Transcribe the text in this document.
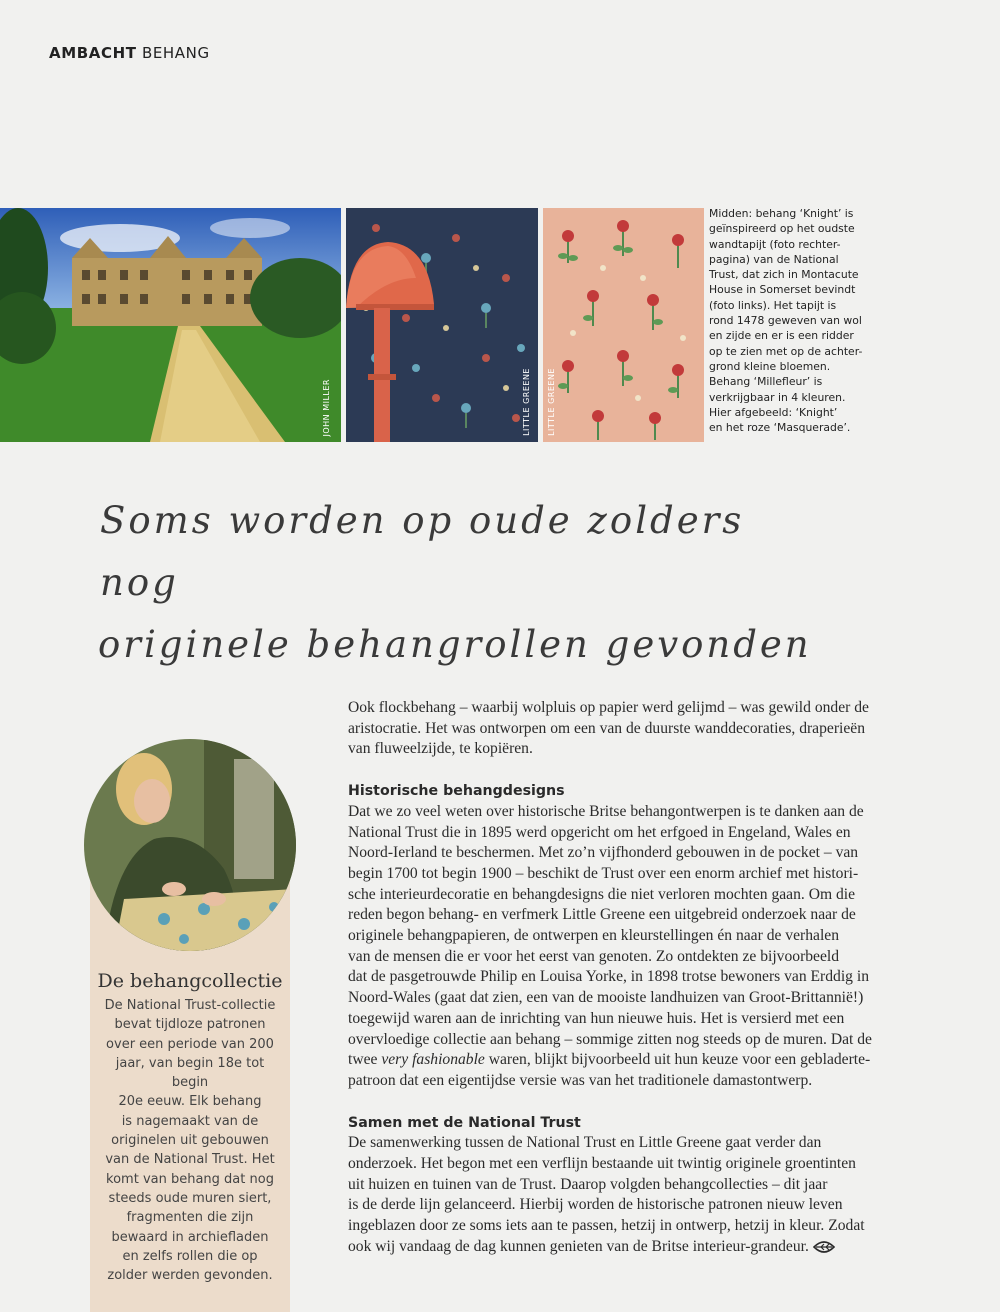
AMBACHT BEHANG
JOHN MILLER	LITTLE GREENE LITTLE GREENE
Midden: behang ‘Knight’ is
geïnspireerd op het oudste
wandtapijt (foto rechter-
pagina) van de National
Trust, dat zich in Montacute
House in Somerset bevindt
(foto links). Het tapijt is
rond 1478 geweven van wol
en zijde en er is een ridder
op te zien met op de achter-
grond kleine bloemen.
Behang ‘Millefleur’ is
verkrijgbaar in 4 kleuren.
Hier afgebeeld: ‘Knight’
en het roze ‘Masquerade’.
Soms worden op oude zolders nog
originele behangrollen gevonden
De behangcollectie
De National Trust-collectie
bevat tijdloze patronen
over een periode van 200
jaar, van begin 18e tot begin
20e eeuw. Elk behang
is nagemaakt van de
originelen uit gebouwen
van de National Trust. Het
komt van behang dat nog
steeds oude muren siert,
fragmenten die zijn
bewaard in archiefladen
en zelfs rollen die op
zolder werden gevonden.

Ook flockbehang – waarbij wolpluis op papier werd gelijmd – was gewild onder de
aristocratie. Het was ontworpen om een van de duurste wanddecoraties, draperieën
van fluweelzijde, te kopiëren.

Historische behangdesigns

Dat we zo veel weten over historische Britse behangontwerpen is te danken aan de
National Trust die in 1895 werd opgericht om het erfgoed in Engeland, Wales en
Noord-Ierland te beschermen. Met zo’n vijfhonderd gebouwen in de pocket – van
begin 1700 tot begin 1900 – beschikt de Trust over een enorm archief met histori-
sche interieurdecoratie en behangdesigns die niet verloren mochten gaan. Om die
reden begon behang- en verfmerk Little Greene een uitgebreid onderzoek naar de
originele behangpapieren, de ontwerpen en kleurstellingen én naar de verhalen
van de mensen die er voor het eerst van genoten. Zo ontdekten ze bijvoorbeeld
dat de pasgetrouwde Philip en Louisa Yorke, in 1898 trotse bewoners van Erddig in
Noord-Wales (gaat dat zien, een van de mooiste landhuizen van Groot-Brittannië!)
toegewijd waren aan de inrichting van hun nieuwe huis. Het is versierd met een
overvloedige collectie aan behang – sommige zitten nog steeds op de muren. Dat de
twee very fashionable waren, blijkt bijvoorbeeld uit hun keuze voor een gebladerte-
patroon dat een eigentijdse versie was van het traditionele damastontwerp.

Samen met de National Trust

De samenwerking tussen de National Trust en Little Greene gaat verder dan
onderzoek. Het begon met een verflijn bestaande uit twintig originele groentinten
uit huizen en tuinen van de Trust. Daarop volgden behangcollecties – dit jaar
is de derde lijn gelanceerd. Hierbij worden de historische patronen nieuw leven
ingeblazen door ze soms iets aan te passen, hetzij in ontwerp, hetzij in kleur. Zodat
ook wij vandaag de dag kunnen genieten van de Britse interieur-grandeur.
